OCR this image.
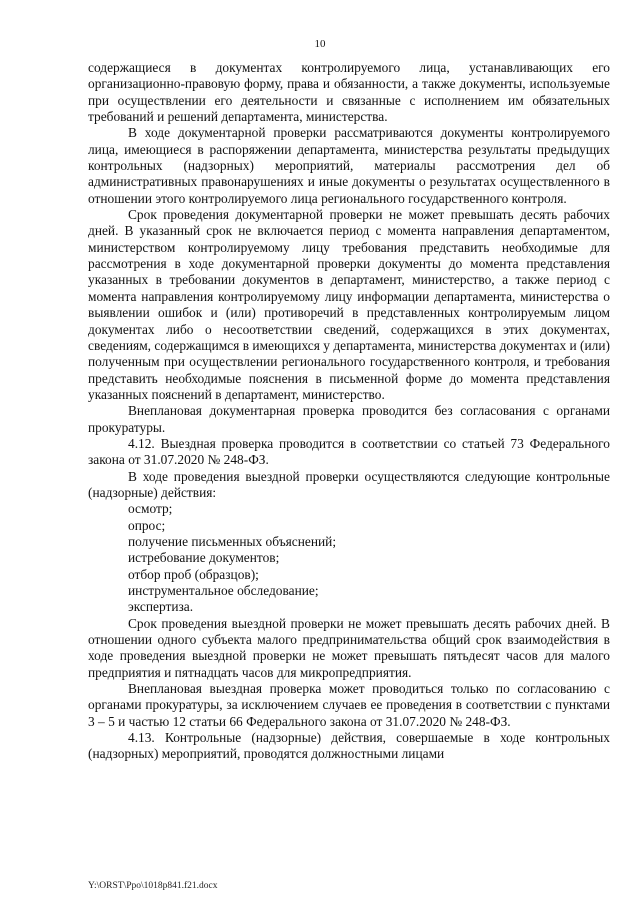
10

содержащиеся в документах контролируемого лица, устанавливающих его организационно-правовую форму, права и обязанности, а также документы, используемые при осуществлении его деятельности и связанные с исполнением им обязательных требований и решений департамента, министерства.

В ходе документарной проверки рассматриваются документы контролируемого лица, имеющиеся в распоряжении департамента, министерства результаты предыдущих контрольных (надзорных) мероприятий, материалы рассмотрения дел об административных правонарушениях и иные документы о результатах осуществленного в отношении этого контролируемого лица регионального государственного контроля.

Срок проведения документарной проверки не может превышать десять рабочих дней. В указанный срок не включается период с момента направления департаментом, министерством контролируемому лицу требования представить необходимые для рассмотрения в ходе документарной проверки документы до момента представления указанных в требовании документов в департамент, министерство, а также период с момента направления контролируемому лицу информации департамента, министерства о выявлении ошибок и (или) противоречий в представленных контролируемым лицом документах либо о несоответствии сведений, содержащихся в этих документах, сведениям, содержащимся в имеющихся у департамента, министерства документах и (или) полученным при осуществлении регионального государственного контроля, и требования представить необходимые пояснения в письменной форме до момента представления указанных пояснений в департамент, министерство.

Внеплановая документарная проверка проводится без согласования с органами прокуратуры.

4.12. Выездная проверка проводится в соответствии со статьей 73 Федерального закона от 31.07.2020 № 248-ФЗ.

В ходе проведения выездной проверки осуществляются следующие контрольные (надзорные) действия:

осмотр;

опрос;

получение письменных объяснений;

истребование документов;

отбор проб (образцов);

инструментальное обследование;

экспертиза.

Срок проведения выездной проверки не может превышать десять рабочих дней. В отношении одного субъекта малого предпринимательства общий срок взаимодействия в ходе проведения выездной проверки не может превышать пятьдесят часов для малого предприятия и пятнадцать часов для микропредприятия.

Внеплановая выездная проверка может проводиться только по согласованию с органами прокуратуры, за исключением случаев ее проведения в соответствии с пунктами 3 – 5 и частью 12 статьи 66 Федерального закона от 31.07.2020 № 248-ФЗ.

4.13. Контрольные (надзорные) действия, совершаемые в ходе контрольных (надзорных) мероприятий, проводятся должностными лицами

Y:\ORST\Ppo\1018p841.f21.docx
